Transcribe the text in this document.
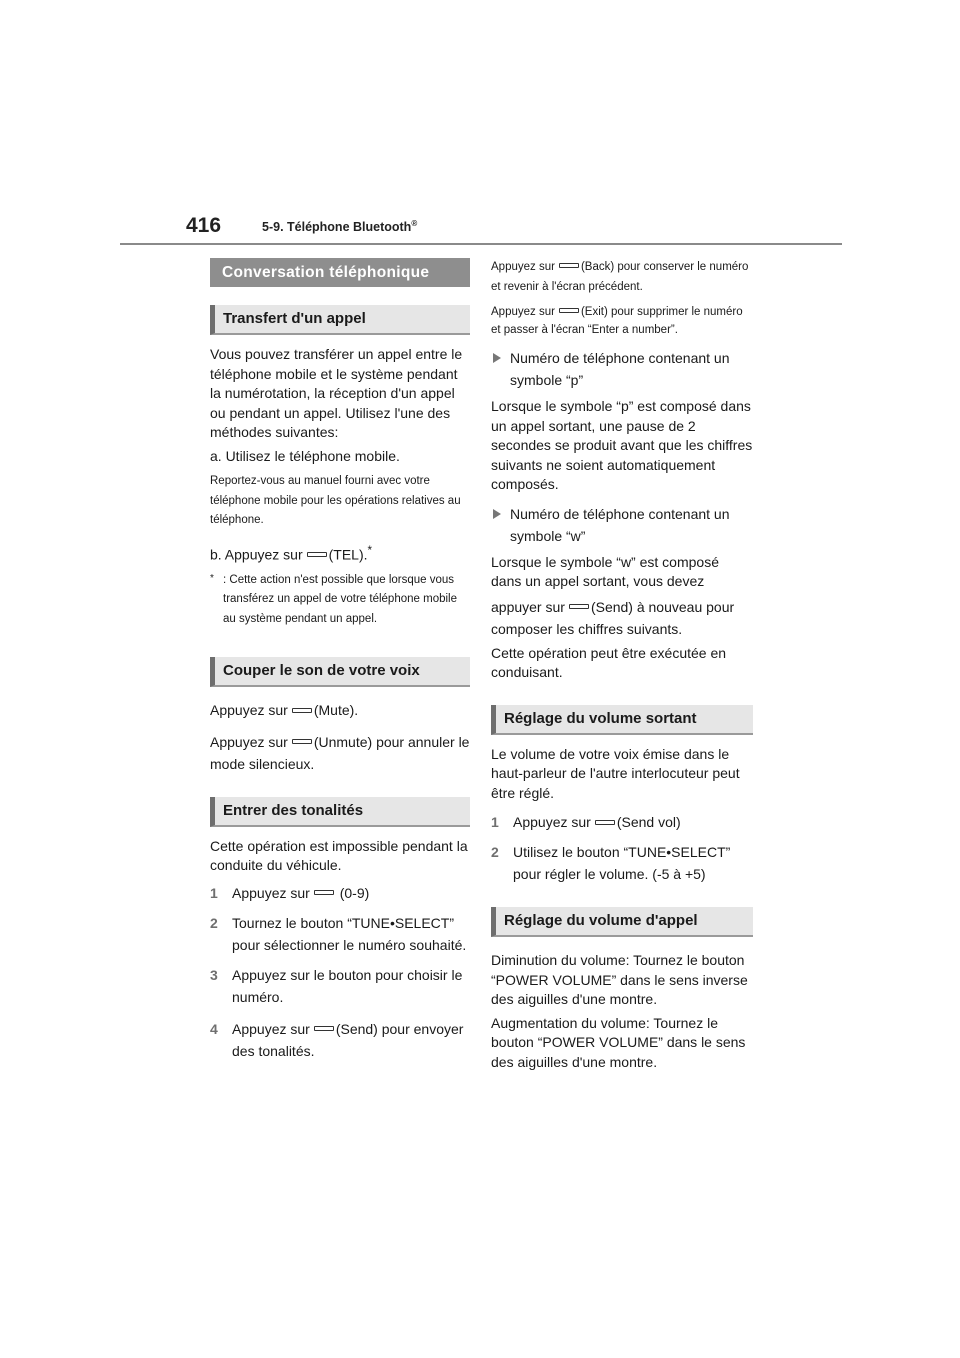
416	5-9. Téléphone Bluetooth®
Conversation téléphonique
Transfert d'un appel

Vous pouvez transférer un appel entre le téléphone mobile et le système pendant la numérotation, la réception d'un appel ou pendant un appel. Utilisez l'une des méthodes suivantes:

a. Utilisez le téléphone mobile.

Reportez-vous au manuel fourni avec votre téléphone mobile pour les opérations relatives au téléphone.

b. Appuyez sur (TEL).*

* : Cette action n'est possible que lorsque vous transférez un appel de votre téléphone mobile au système pendant un appel.

Couper le son de votre voix

Appuyez sur (Mute).

Appuyez sur (Unmute) pour annuler le mode silencieux.

Entrer des tonalités

Cette opération est impossible pendant la conduite du véhicule.

1 Appuyez sur (0-9)

2 Tournez le bouton “TUNE•SELECT” pour sélectionner le numéro souhaité.

3 Appuyez sur le bouton pour choisir le numéro.

4 Appuyez sur (Send) pour envoyer des tonalités.

Appuyez sur (Back) pour conserver le numéro et revenir à l'écran précédent.

Appuyez sur (Exit) pour supprimer le numéro et passer à l'écran “Enter a number”.

Numéro de téléphone contenant un symbole “p”

Lorsque le symbole “p” est composé dans un appel sortant, une pause de 2 secondes se produit avant que les chiffres suivants ne soient automatiquement composés.

Numéro de téléphone contenant un symbole “w”

Lorsque le symbole “w” est composé dans un appel sortant, vous devez

appuyer sur (Send) à nouveau pour composer les chiffres suivants.

Cette opération peut être exécutée en conduisant.

Réglage du volume sortant

Le volume de votre voix émise dans le haut-parleur de l'autre interlocuteur peut être réglé.

1 Appuyez sur (Send vol)

2 Utilisez le bouton “TUNE•SELECT” pour régler le volume. (-5 à +5)

Réglage du volume d'appel

Diminution du volume: Tournez le bouton “POWER VOLUME” dans le sens inverse des aiguilles d'une montre.

Augmentation du volume: Tournez le bouton “POWER VOLUME” dans le sens des aiguilles d'une montre.
